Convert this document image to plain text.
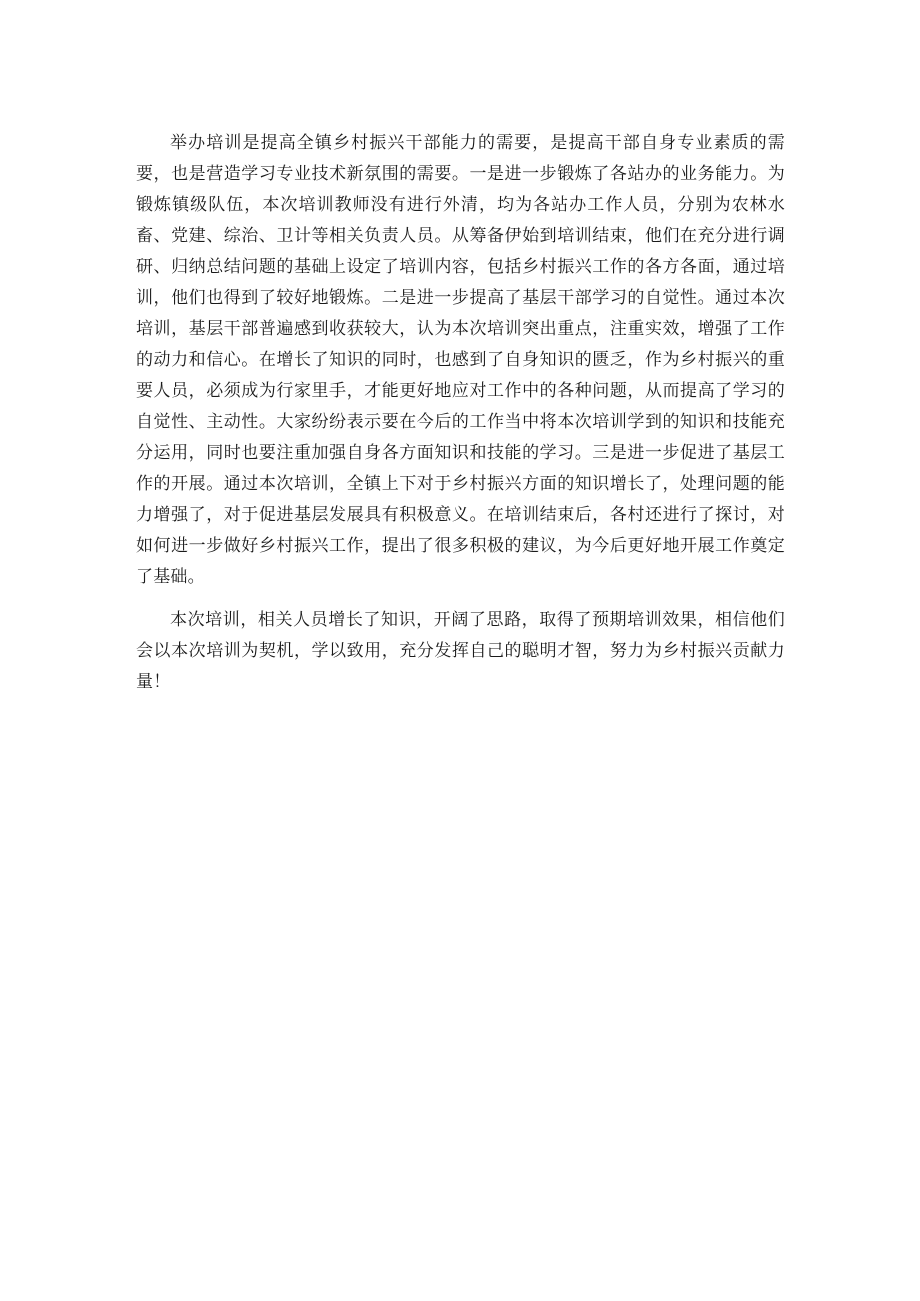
举办培训是提高全镇乡村振兴干部能力的需要，是提高干部自身专业素质的需要，也是营造学习专业技术新氛围的需要。一是进一步锻炼了各站办的业务能力。为锻炼镇级队伍，本次培训教师没有进行外清，均为各站办工作人员，分别为农林水畜、党建、综治、卫计等相关负责人员。从筹备伊始到培训结束，他们在充分进行调研、归纳总结问题的基础上设定了培训内容，包括乡村振兴工作的各方各面，通过培训，他们也得到了较好地锻炼。二是进一步提高了基层干部学习的自觉性。通过本次培训，基层干部普遍感到收获较大，认为本次培训突出重点，注重实效，增强了工作的动力和信心。在增长了知识的同时，也感到了自身知识的匮乏，作为乡村振兴的重要人员，必须成为行家里手，才能更好地应对工作中的各种问题，从而提高了学习的自觉性、主动性。大家纷纷表示要在今后的工作当中将本次培训学到的知识和技能充分运用，同时也要注重加强自身各方面知识和技能的学习。三是进一步促进了基层工作的开展。通过本次培训，全镇上下对于乡村振兴方面的知识增长了，处理问题的能力增强了，对于促进基层发展具有积极意义。在培训结束后，各村还进行了探讨，对如何进一步做好乡村振兴工作，提出了很多积极的建议，为今后更好地开展工作奠定了基础。

本次培训，相关人员增长了知识，开阔了思路，取得了预期培训效果，相信他们会以本次培训为契机，学以致用，充分发挥自己的聪明才智，努力为乡村振兴贡献力量！
